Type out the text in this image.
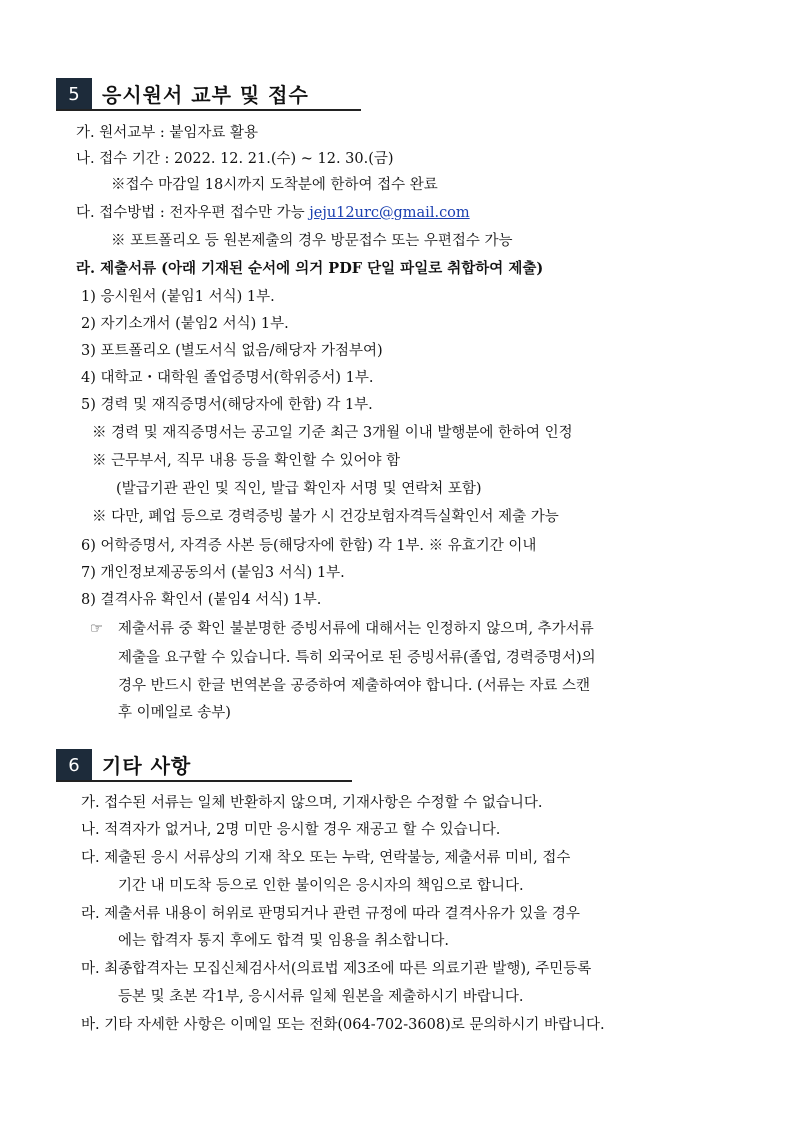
5	응시원서 교부 및 접수
가. 원서교부 : 붙임자료 활용
나. 접수 기간 : 2022. 12. 21.(수) ~ 12. 30.(금)
※접수 마감일 18시까지 도착분에 한하여 접수 완료
다. 접수방법 : 전자우편 접수만 가능 jeju12urc@gmail.com
※ 포트폴리오 등 원본제출의 경우 방문접수 또는 우편접수 가능
라. 제출서류 (아래 기재된 순서에 의거 PDF 단일 파일로 취합하여 제출)
1) 응시원서 (붙임1 서식) 1부.
2) 자기소개서 (붙임2 서식) 1부.
3) 포트폴리오 (별도서식 없음/해당자 가점부여)
4) 대학교・대학원 졸업증명서(학위증서) 1부.
5) 경력 및 재직증명서(해당자에 한함) 각 1부.
※ 경력 및 재직증명서는 공고일 기준 최근 3개월 이내 발행분에 한하여 인정
※ 근무부서, 직무 내용 등을 확인할 수 있어야 함
(발급기관 관인 및 직인, 발급 확인자 서명 및 연락처 포함)
※ 다만, 폐업 등으로 경력증빙 불가 시 건강보험자격득실확인서 제출 가능
6) 어학증명서, 자격증 사본 등(해당자에 한함) 각 1부. ※ 유효기간 이내
7) 개인정보제공동의서 (붙임3 서식) 1부.
8) 결격사유 확인서 (붙임4 서식) 1부.
☞ 제출서류 중 확인 불분명한 증빙서류에 대해서는 인정하지 않으며, 추가서류
제출을 요구할 수 있습니다. 특히 외국어로 된 증빙서류(졸업, 경력증명서)의
경우 반드시 한글 번역본을 공증하여 제출하여야 합니다. (서류는 자료 스캔
후 이메일로 송부)
6	기타 사항
가. 접수된 서류는 일체 반환하지 않으며, 기재사항은 수정할 수 없습니다.
나. 적격자가 없거나, 2명 미만 응시할 경우 재공고 할 수 있습니다.
다. 제출된 응시 서류상의 기재 착오 또는 누락, 연락불능, 제출서류 미비, 접수
기간 내 미도착 등으로 인한 불이익은 응시자의 책임으로 합니다.
라. 제출서류 내용이 허위로 판명되거나 관련 규정에 따라 결격사유가 있을 경우
에는 합격자 통지 후에도 합격 및 임용을 취소합니다.
마. 최종합격자는 모집신체검사서(의료법 제3조에 따른 의료기관 발행), 주민등록
등본 및 초본 각1부, 응시서류 일체 원본을 제출하시기 바랍니다.
바. 기타 자세한 사항은 이메일 또는 전화(064-702-3608)로 문의하시기 바랍니다.
